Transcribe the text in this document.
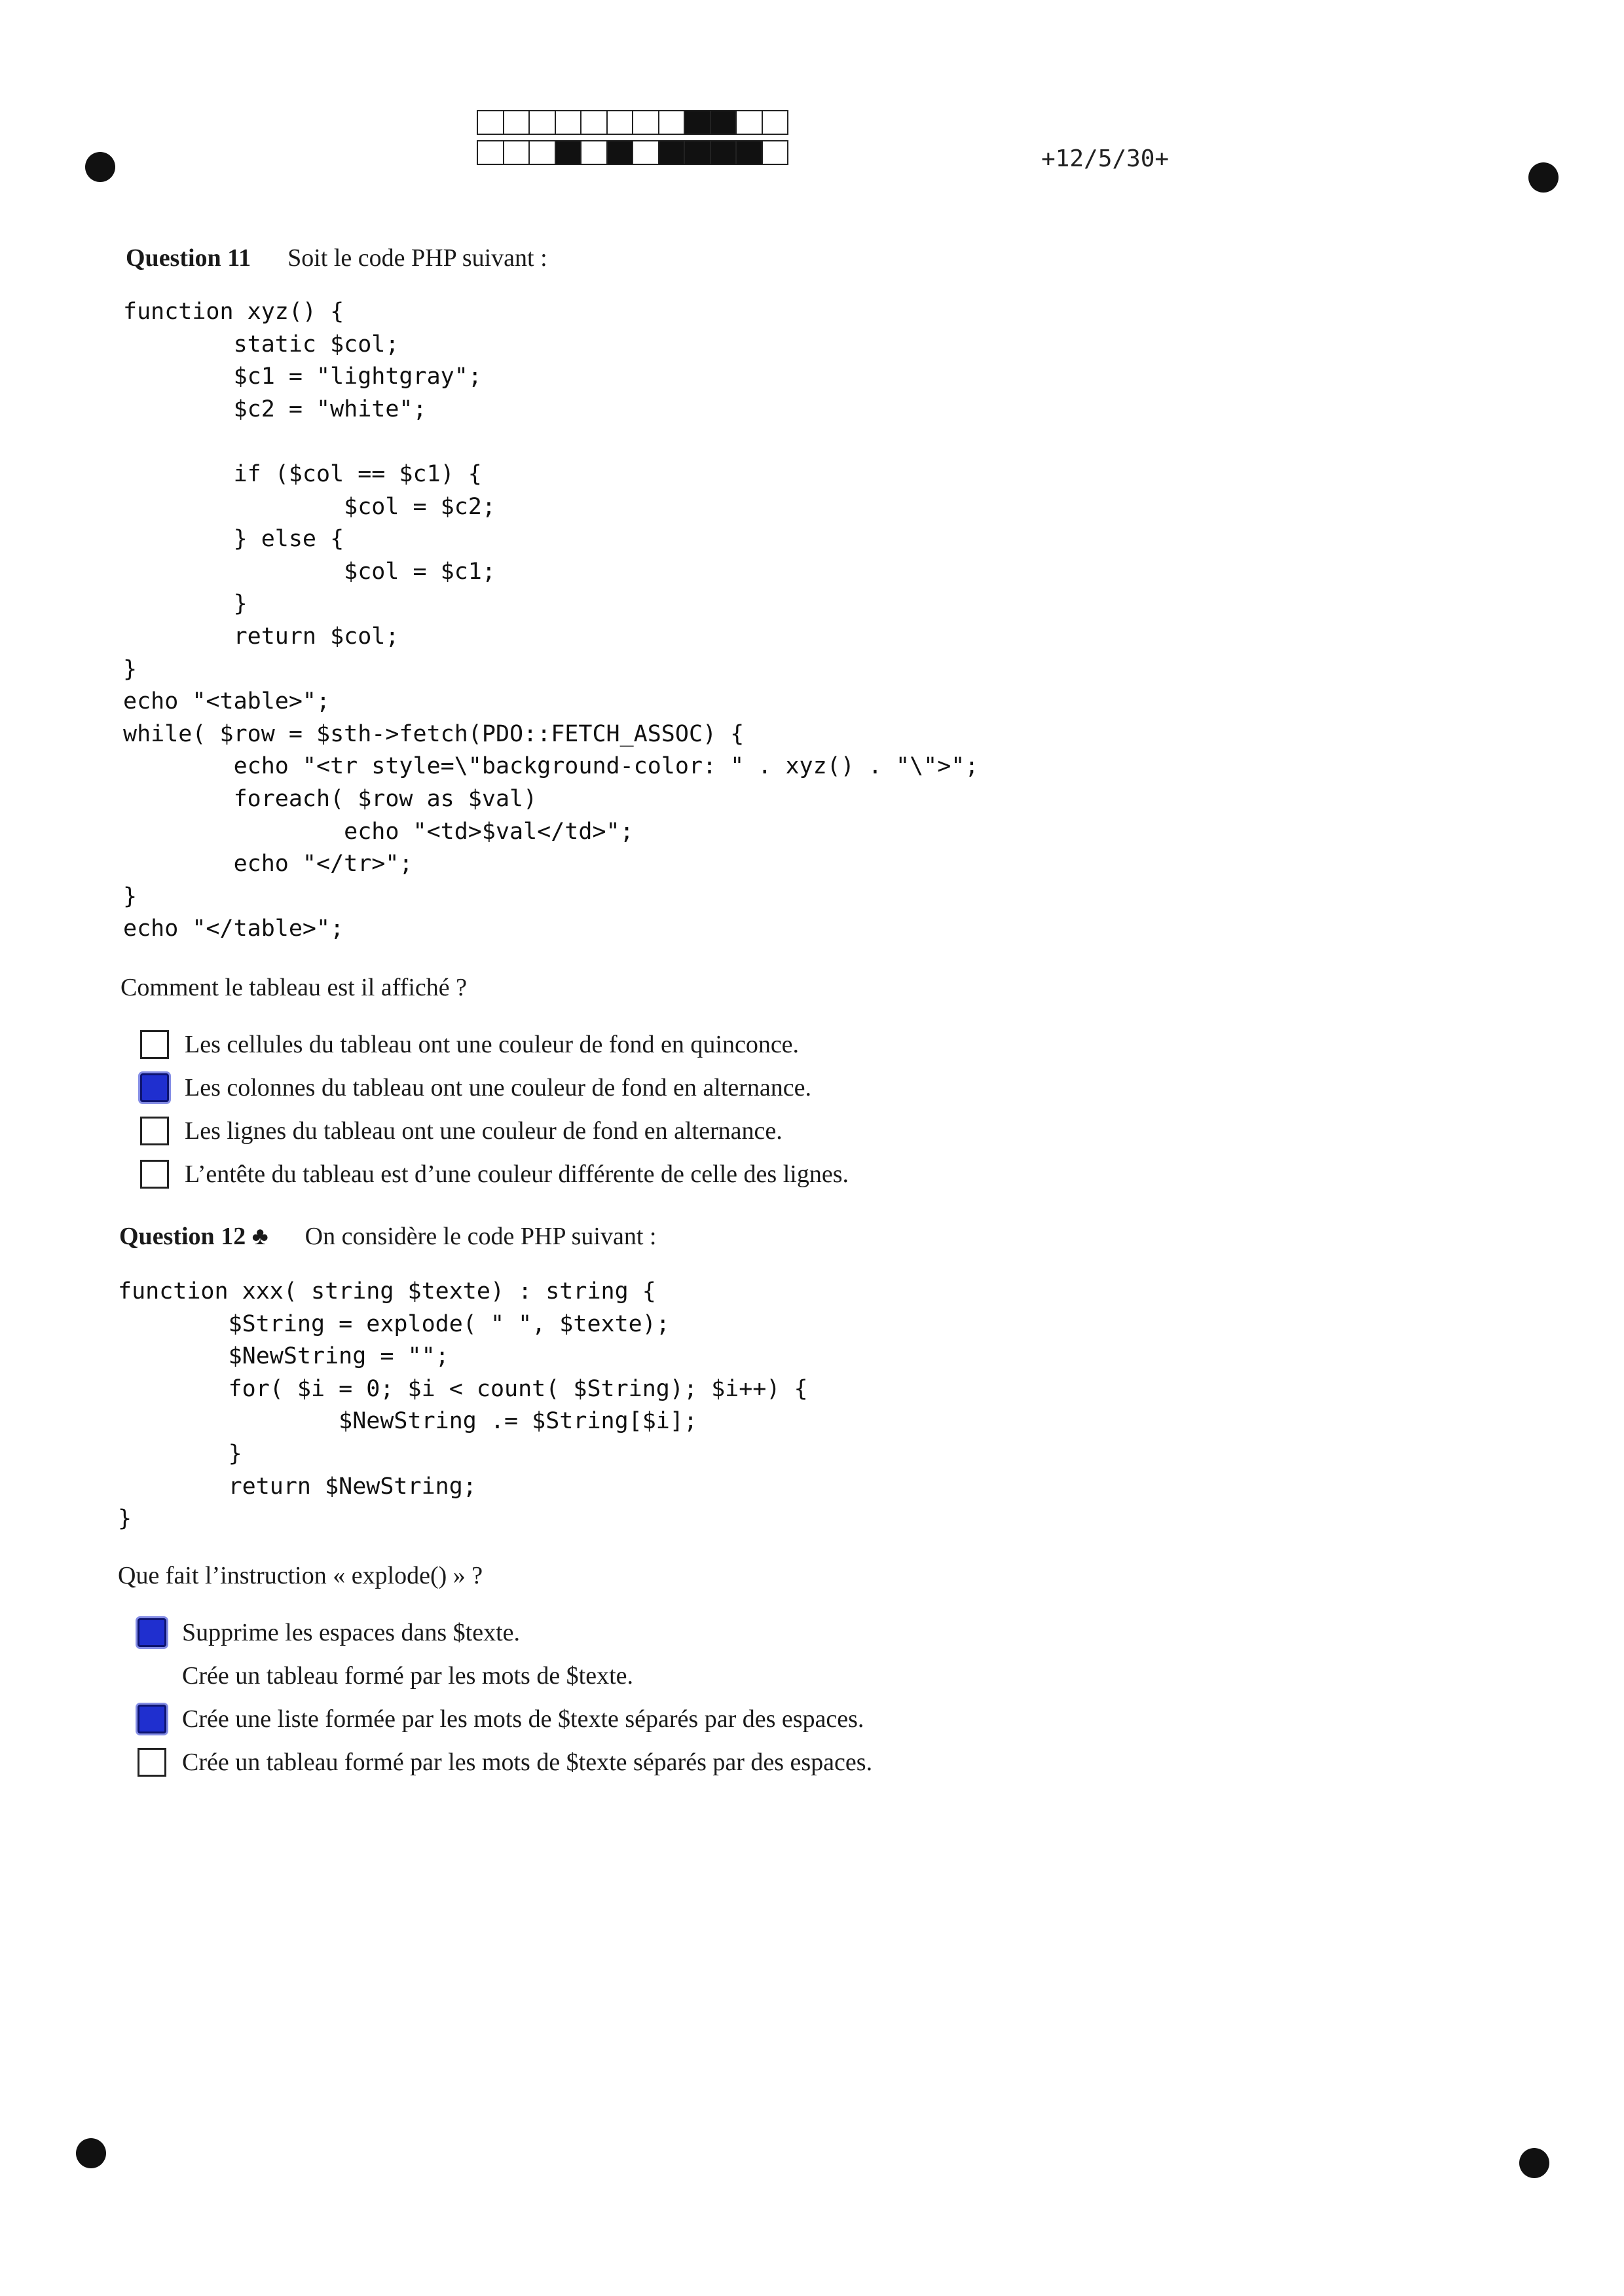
+12/5/30+
Question 11 Soit le code PHP suivant :
function xyz() {
static $col;
$c1 = "lightgray";
$c2 = "white";

if ($col == $c1) {
$col = $c2;
} else {
$col = $c1;
}
return $col;
}
echo "<table>";
while( $row = $sth->fetch(PDO::FETCH_ASSOC) {
echo "<tr style=\"background-color: " . xyz() . "\">";
foreach( $row as $val)
echo "<td>$val</td>";
echo "</tr>";
}
echo "</table>";
Comment le tableau est il affiché ?
Les cellules du tableau ont une couleur de fond en quinconce.
Les colonnes du tableau ont une couleur de fond en alternance.
Les lignes du tableau ont une couleur de fond en alternance.
L’entête du tableau est d’une couleur différente de celle des lignes.
Question 12 ♣ On considère le code PHP suivant :
function xxx( string $texte) : string {
$String = explode( " ", $texte);
$NewString = "";
for( $i = 0; $i < count( $String); $i++) {
$NewString .= $String[$i];
}
return $NewString;
}
Que fait l’instruction « explode() » ?
Supprime les espaces dans $texte.
Crée un tableau formé par les mots de $texte.
Crée une liste formée par les mots de $texte séparés par des espaces.
Crée un tableau formé par les mots de $texte séparés par des espaces.
